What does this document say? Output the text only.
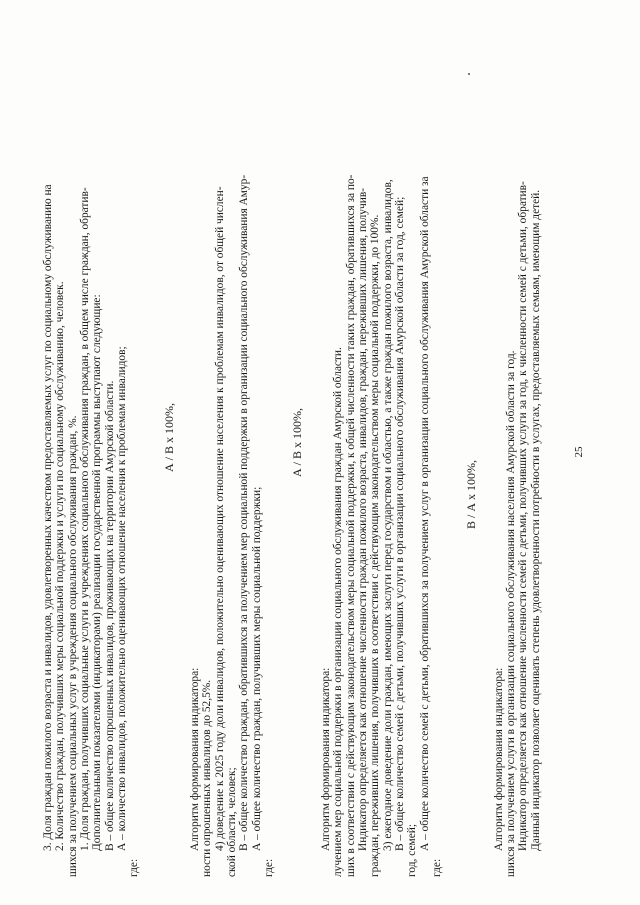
25
Данный индикатор позволяет оценивать степень удовлетворенности потребности в услугах, предоставляемых семьям, имеющим детей.
Индикатор определяется как отношение численности семей с детьми, получивших услуги за год, к численности семей с детьми, обратив-
шихся за получением услуги в организации социального обслуживания населения Амурской области за год.
Алгоритм формирования индикатора:
В / А x 100%,
где:
А – общее количество семей с детьми, обратившихся за получением услуг в организации социального обслуживания Амурской области за
год, семей;
В – общее количество семей с детьми, получивших услуги в организации социального обслуживания Амурской области за год, семей;
3) ежегодное доведение доли граждан, имеющих заслуги перед государством и областью, а также граждан пожилого возраста, инвалидов,
граждан, переживших лишения, получивших в соответствии с действующим законодательством меры социальной поддержки, до 100%.
Индикатор определяется как отношение численности граждан пожилого возраста, инвалидов, граждан, переживших лишения, получив-
ших в соответствии с действующим законодательством меры социальной поддержки, к общей численности таких граждан, обратившихся за по-
лучением мер социальной поддержки в организации социального обслуживания граждан Амурской области.
Алгоритм формирования индикатора:
А / В x 100%,
где:
А – общее количество граждан, получивших меры социальной поддержки;
В – общее количество граждан, обратившихся за получением мер социальной поддержки в организации социального обслуживания Амур-
ской области, человек;
4) доведение к 2025 году доли инвалидов, положительно оценивающих отношение населения к проблемам инвалидов, от общей числен-
ности опрошенных инвалидов до 52,5%.
Алгоритм формирования индикатора:
А / В x 100%,
где:
А – количество инвалидов, положительно оценивающих отношение населения к проблемам инвалидов;
В – общее количество опрошенных инвалидов, проживающих на территории Амурской области.
Дополнительными показателями (индикаторами) реализации государственной программы выступают следующие:
1. Доля граждан, получивших социальные услуги в учреждениях социального обслуживания граждан, в общем числе граждан, обратив-
шихся за получением социальных услуг в учреждения социального обслуживания граждан, %.
2. Количество граждан, получивших меры социальной поддержки и услуги по социальному обслуживанию, человек.
3. Доля граждан пожилого возраста и инвалидов, удовлетворенных качеством предоставляемых услуг по социальному обслуживанию на
